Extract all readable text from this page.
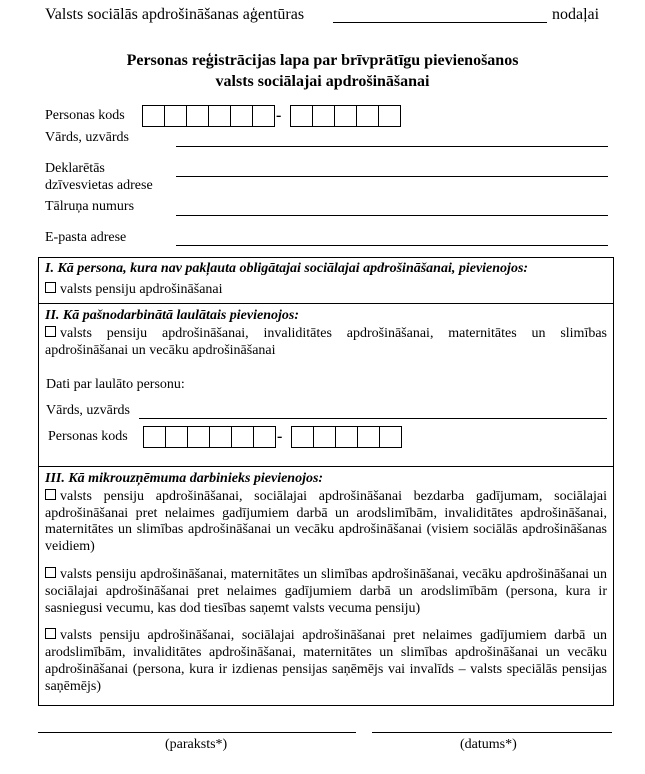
Valsts sociālās apdrošināšanas aģentūras	nodaļai
Personas reģistrācijas lapa par brīvprātīgu pievienošanos
valsts sociālajai apdrošināšanai
Personas kods	-
Vārds, uzvārds
Deklarētās
dzīvesvietas adrese
Tālruņa numurs
E-pasta adrese
I. Kā persona, kura nav pakļauta obligātajai sociālajai apdrošināšanai, pievienojos:
valsts pensiju apdrošināšanai
II. Kā pašnodarbinātā laulātais pievienojos:
valsts pensiju apdrošināšanai, invaliditātes apdrošināšanai, maternitātes un slimības apdrošināšanai un vecāku apdrošināšanai
Dati par laulāto personu:
Vārds, uzvārds
Personas kods	-
III. Kā mikrouzņēmuma darbinieks pievienojos:
valsts pensiju apdrošināšanai, sociālajai apdrošināšanai bezdarba gadījumam, sociālajai apdrošināšanai pret nelaimes gadījumiem darbā un arodslimībām, invaliditātes apdrošināšanai, maternitātes un slimības apdrošināšanai un vecāku apdrošināšanai (visiem sociālās apdrošināšanas veidiem)
valsts pensiju apdrošināšanai, maternitātes un slimības apdrošināšanai, vecāku apdrošināšanai un sociālajai apdrošināšanai pret nelaimes gadījumiem darbā un arodslimībām (persona, kura ir sasniegusi vecumu, kas dod tiesības saņemt valsts vecuma pensiju)
valsts pensiju apdrošināšanai, sociālajai apdrošināšanai pret nelaimes gadījumiem darbā un arodslimībām, invaliditātes apdrošināšanai, maternitātes un slimības apdrošināšanai un vecāku apdrošināšanai (persona, kura ir izdienas pensijas saņēmējs vai invalīds – valsts speciālās pensijas saņēmējs)
(paraksts*)	(datums*)
